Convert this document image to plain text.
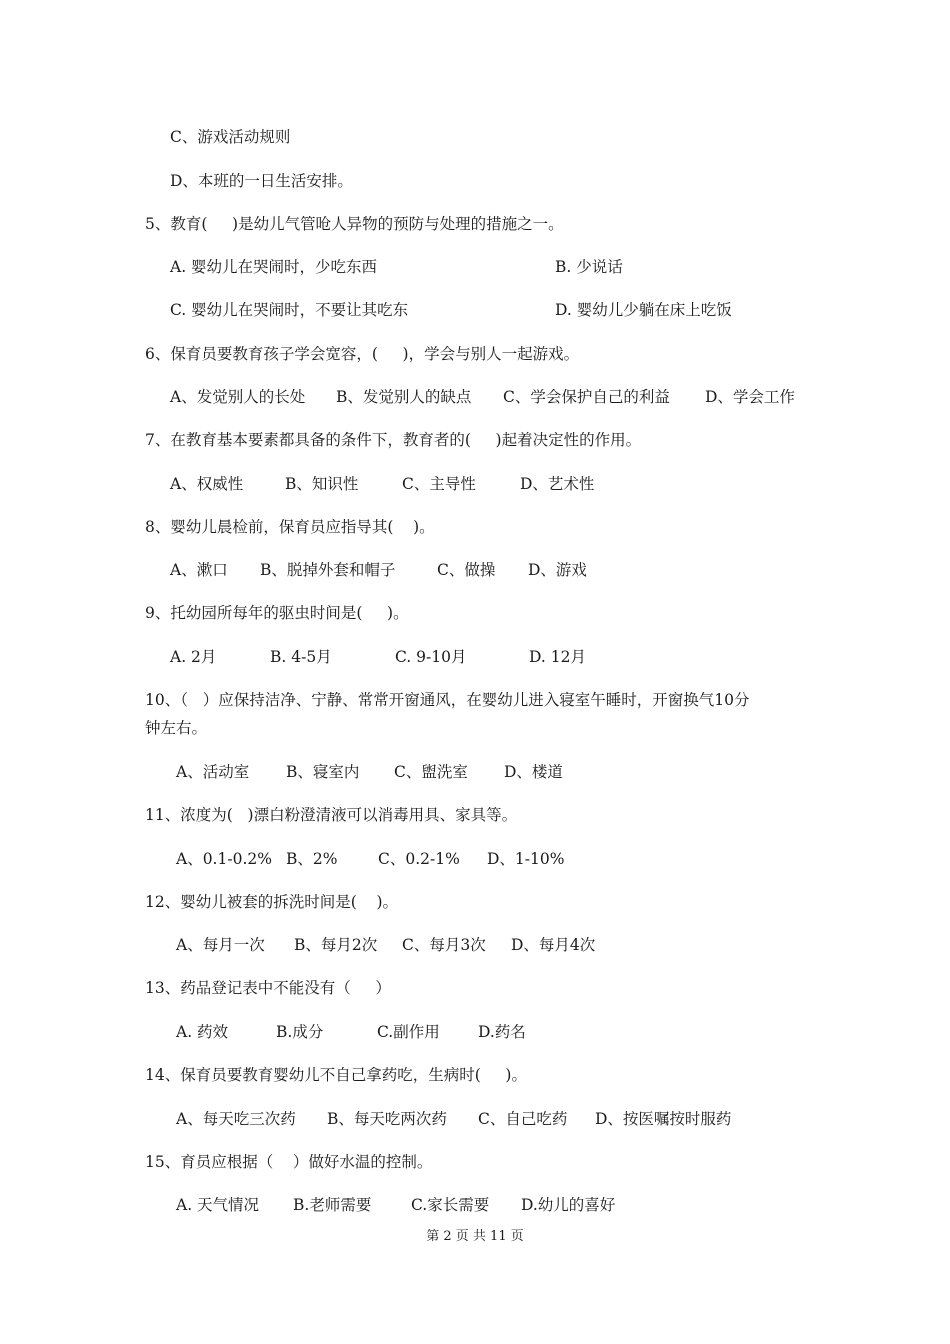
C、游戏活动规则
D、本班的一日生活安排。
5、教育(     )是幼儿气管呛人异物的预防与处理的措施之一。
A. 婴幼儿在哭闹时，少吃东西	B. 少说话
C. 婴幼儿在哭闹时，不要让其吃东	D. 婴幼儿少躺在床上吃饭
6、保育员要教育孩子学会宽容，(     )，学会与别人一起游戏。
A、发觉别人的长处 B、发觉别人的缺点 C、学会保护自己的利益 D、学会工作
7、在教育基本要素都具备的条件下，教育者的(     )起着决定性的作用。
A、权威性	B、知识性	C、主导性	D、艺术性
8、婴幼儿晨检前，保育员应指导其(    )。
A、漱口 B、脱掉外套和帽子	C、做操 D、游戏
9、托幼园所每年的驱虫时间是(     )。
A. 2月	B. 4-5月	C. 9-10月	D. 12月
10、（   ）应保持洁净、宁静、常常开窗通风，在婴幼儿进入寝室午睡时，开窗换气10分
钟左右。
A、活动室 B、寝室内 C、盥洗室 D、楼道
11、浓度为(   )漂白粉澄清液可以消毒用具、家具等。
A、0.1-0.2% B、2%	C、0.2-1% D、1-10%
12、婴幼儿被套的拆洗时间是(    )。
A、每月一次 B、每月2次 C、每月3次 D、每月4次
13、药品登记表中不能没有（     ）
A. 药效	B.成分	C.副作用 D.药名
14、保育员要教育婴幼儿不自己拿药吃，生病时(     )。
A、每天吃三次药 B、每天吃两次药 C、自己吃药 D、按医嘱按时服药
15、育员应根据（    ）做好水温的控制。
A. 天气情况 B.老师需要	C.家长需要 D.幼儿的喜好
第 2 页 共 11 页
